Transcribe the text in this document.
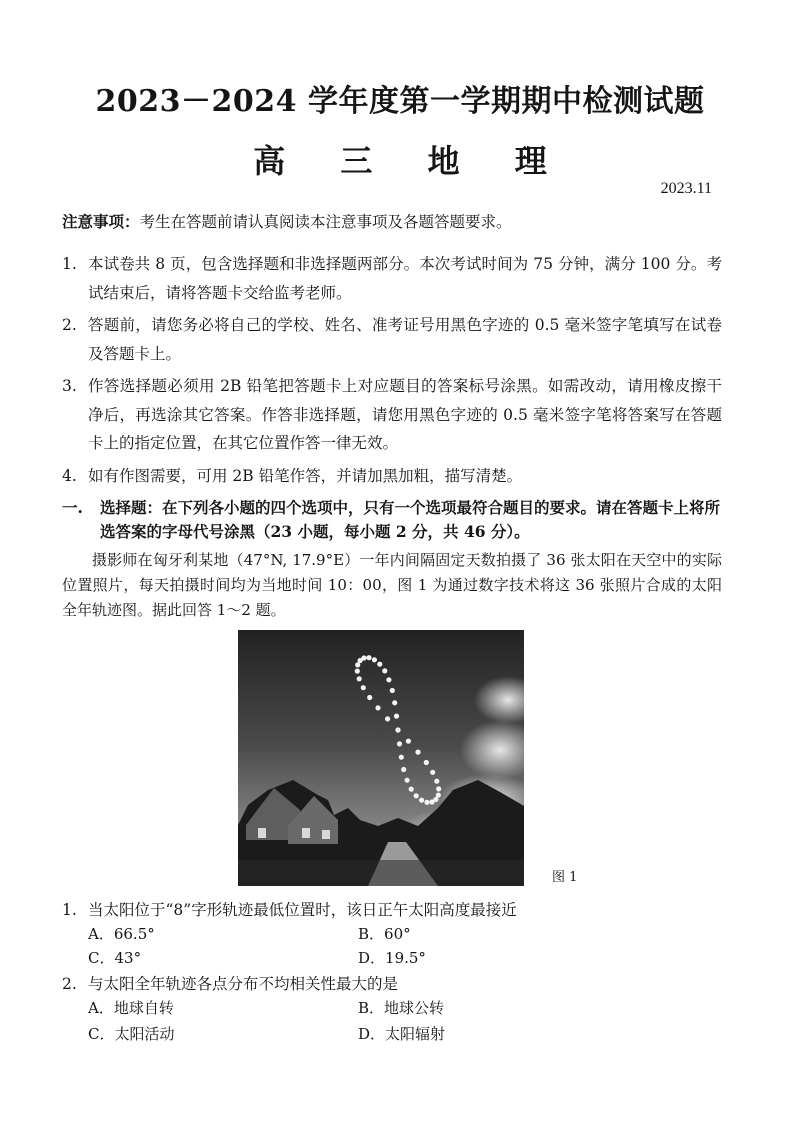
2023－2024 学年度第一学期期中检测试题
高 三 地 理
2023.11
注意事项：考生在答题前请认真阅读本注意事项及各题答题要求。
1. 本试卷共 8 页，包含选择题和非选择题两部分。本次考试时间为 75 分钟，满分 100 分。考试结束后，请将答题卡交给监考老师。
2. 答题前，请您务必将自己的学校、姓名、准考证号用黑色字迹的 0.5 毫米签字笔填写在试卷及答题卡上。
3. 作答选择题必须用 2B 铅笔把答题卡上对应题目的答案标号涂黑。如需改动，请用橡皮擦干净后，再选涂其它答案。作答非选择题，请您用黑色字迹的 0.5 毫米签字笔将答案写在答题卡上的指定位置，在其它位置作答一律无效。
4. 如有作图需要，可用 2B 铅笔作答，并请加黑加粗，描写清楚。
一.	选择题：在下列各小题的四个选项中，只有一个选项最符合题目的要求。请在答题卡上将所选答案的字母代号涂黑（23 小题，每小题 2 分，共 46 分）。
摄影师在匈牙利某地（47°N, 17.9°E）一年内间隔固定天数拍摄了 36 张太阳在天空中的实际位置照片，每天拍摄时间均为当地时间 10：00，图 1 为通过数字技术将这 36 张照片合成的太阳全年轨迹图。据此回答 1～2 题。
图 1
1. 当太阳位于“8”字形轨迹最低位置时，该日正午太阳高度最接近
A．66.5°	B．60°
C．43°	D．19.5°
2. 与太阳全年轨迹各点分布不均相关性最大的是
A．地球自转	B．地球公转
C．太阳活动	D．太阳辐射
